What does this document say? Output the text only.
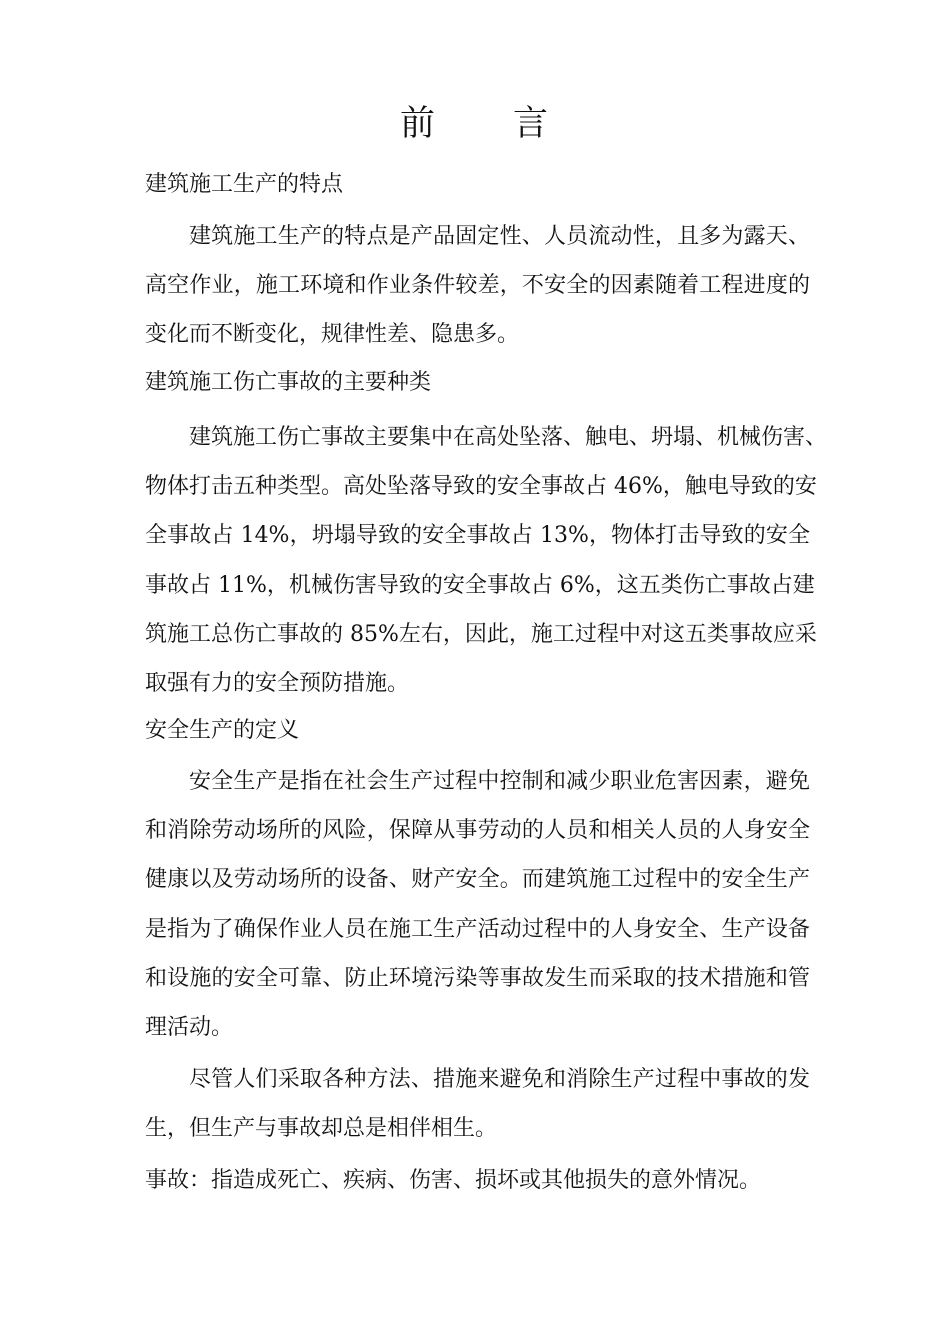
前 言
建筑施工生产的特点
建筑施工生产的特点是产品固定性、人员流动性，且多为露天、
高空作业，施工环境和作业条件较差，不安全的因素随着工程进度的
变化而不断变化，规律性差、隐患多。
建筑施工伤亡事故的主要种类
建筑施工伤亡事故主要集中在高处坠落、触电、坍塌、机械伤害、
物体打击五种类型。高处坠落导致的安全事故占 46%，触电导致的安
全事故占 14%，坍塌导致的安全事故占 13%，物体打击导致的安全
事故占 11%，机械伤害导致的安全事故占 6%，这五类伤亡事故占建
筑施工总伤亡事故的 85%左右，因此，施工过程中对这五类事故应采
取强有力的安全预防措施。
安全生产的定义
安全生产是指在社会生产过程中控制和减少职业危害因素，避免
和消除劳动场所的风险，保障从事劳动的人员和相关人员的人身安全
健康以及劳动场所的设备、财产安全。而建筑施工过程中的安全生产
是指为了确保作业人员在施工生产活动过程中的人身安全、生产设备
和设施的安全可靠、防止环境污染等事故发生而采取的技术措施和管
理活动。
尽管人们采取各种方法、措施来避免和消除生产过程中事故的发
生，但生产与事故却总是相伴相生。
事故：指造成死亡、疾病、伤害、损坏或其他损失的意外情况。
